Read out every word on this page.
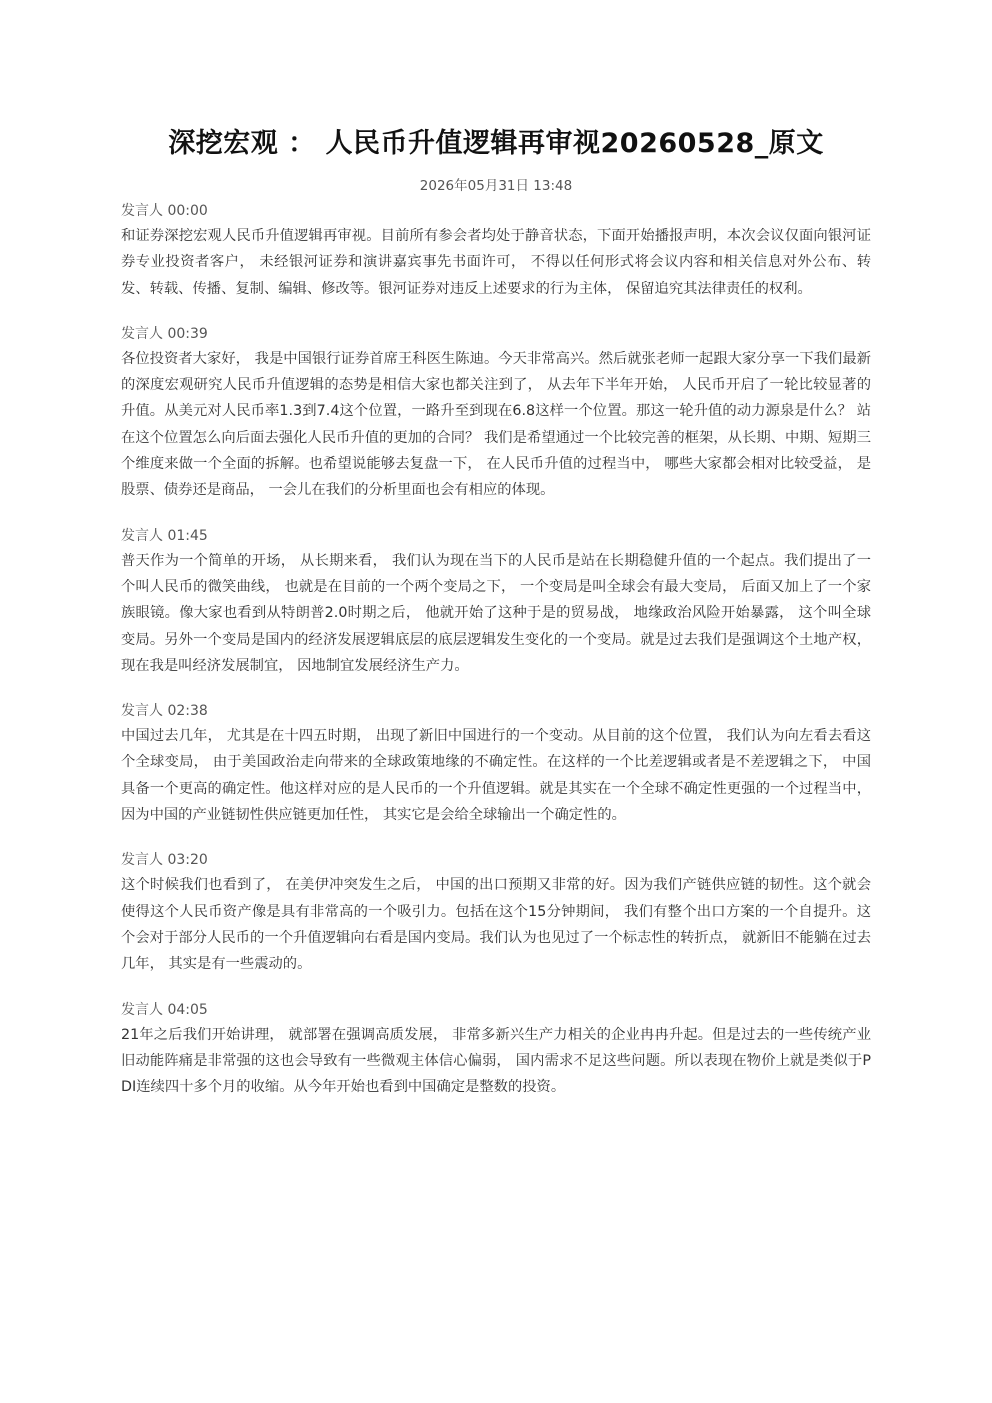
深挖宏观 ： 人民币升值逻辑再审视20260528_原文
2026年05月31日 13:48
发言人 00:00

和证券深挖宏观人民币升值逻辑再审视。目前所有参会者均处于静音状态，下面开始播报声明，本次会议仅面向银河证券专业投资者客户， 未经银河证券和演讲嘉宾事先书面许可， 不得以任何形式将会议内容和相关信息对外公布、转发、转载、传播、复制、编辑、修改等。银河证券对违反上述要求的行为主体， 保留追究其法律责任的权利。

发言人 00:39

各位投资者大家好， 我是中国银行证券首席王科医生陈迪。今天非常高兴。然后就张老师一起跟大家分享一下我们最新的深度宏观研究人民币升值逻辑的态势是相信大家也都关注到了， 从去年下半年开始， 人民币开启了一轮比较显著的升值。从美元对人民币率1.3到7.4这个位置，一路升至到现在6.8这样一个位置。那这一轮升值的动力源泉是什么？ 站在这个位置怎么向后面去强化人民币升值的更加的合同？ 我们是希望通过一个比较完善的框架，从长期、中期、短期三个维度来做一个全面的拆解。也希望说能够去复盘一下， 在人民币升值的过程当中， 哪些大家都会相对比较受益， 是股票、债券还是商品， 一会儿在我们的分析里面也会有相应的体现。

发言人 01:45

普天作为一个简单的开场， 从长期来看， 我们认为现在当下的人民币是站在长期稳健升值的一个起点。我们提出了一个叫人民币的微笑曲线， 也就是在目前的一个两个变局之下， 一个变局是叫全球会有最大变局， 后面又加上了一个家族眼镜。像大家也看到从特朗普2.0时期之后， 他就开始了这种于是的贸易战， 地缘政治风险开始暴露， 这个叫全球变局。另外一个变局是国内的经济发展逻辑底层的底层逻辑发生变化的一个变局。就是过去我们是强调这个土地产权， 现在我是叫经济发展制宜， 因地制宜发展经济生产力。

发言人 02:38

中国过去几年， 尤其是在十四五时期， 出现了新旧中国进行的一个变动。从目前的这个位置， 我们认为向左看去看这个全球变局， 由于美国政治走向带来的全球政策地缘的不确定性。在这样的一个比差逻辑或者是不差逻辑之下， 中国具备一个更高的确定性。他这样对应的是人民币的一个升值逻辑。就是其实在一个全球不确定性更强的一个过程当中， 因为中国的产业链韧性供应链更加任性， 其实它是会给全球输出一个确定性的。

发言人 03:20

这个时候我们也看到了， 在美伊冲突发生之后， 中国的出口预期又非常的好。因为我们产链供应链的韧性。这个就会使得这个人民币资产像是具有非常高的一个吸引力。包括在这个15分钟期间， 我们有整个出口方案的一个自提升。这个会对于部分人民币的一个升值逻辑向右看是国内变局。我们认为也见过了一个标志性的转折点， 就新旧不能躺在过去几年， 其实是有一些震动的。

发言人 04:05

21年之后我们开始讲理， 就部署在强调高质发展， 非常多新兴生产力相关的企业冉冉升起。但是过去的一些传统产业旧动能阵痛是非常强的这也会导致有一些微观主体信心偏弱， 国内需求不足这些问题。所以表现在物价上就是类似于PDI连续四十多个月的收缩。从今年开始也看到中国确定是整数的投资。
